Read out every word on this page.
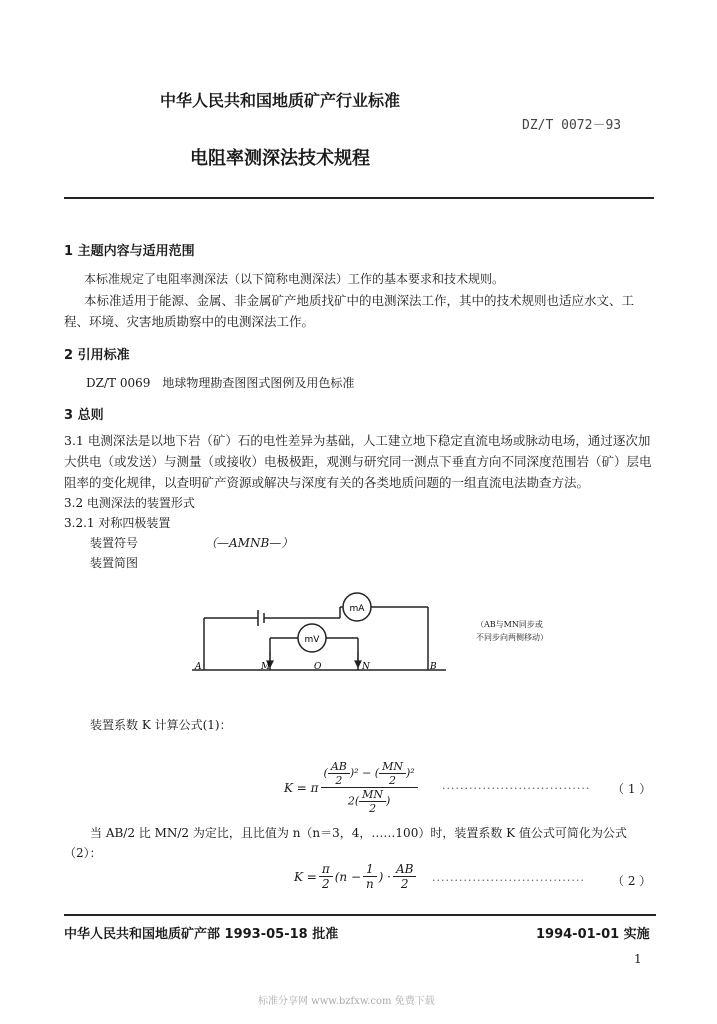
中华人民共和国地质矿产行业标准
DZ/T 0072－93
电阻率测深法技术规程
1 主题内容与适用范围
本标准规定了电阻率测深法（以下简称电测深法）工作的基本要求和技术规则。
本标准适用于能源、金属、非金属矿产地质找矿中的电测深法工作，其中的技术规则也适应水文、工程、环境、灾害地质勘察中的电测深法工作。
2 引用标准
DZ/T 0069　地球物理勘查图图式图例及用色标准
3 总则
3.1 电测深法是以地下岩（矿）石的电性差异为基础，人工建立地下稳定直流电场或脉动电场，通过逐次加大供电（或发送）与测量（或接收）电极极距，观测与研究同一测点下垂直方向不同深度范围岩（矿）层电阻率的变化规律，以查明矿产资源或解决与深度有关的各类地质问题的一组直流电法勘查方法。
3.2 电测深法的装置形式
3.2.1 对称四极装置
装置符号	（—AMNB—）
装置简图
mA
mV
A	M	O	N	B
（AB与MN同步或
不同步向两侧移动）
装置系数 K 计算公式(1)：
K = π $\frac{( \frac{AB}{2} )^2 - ( \frac{MN}{2} )^2}{2( \frac{MN}{2} )}$ ································· （ 1 ）
当 AB/2 比 MN/2 为定比，且比值为 n（n＝3，4，……100）时，装置系数 K 值公式可简化为公式
（2）：
$K = \frac{\pi}{2} (n - \frac{1}{n}$ ) · $\frac{AB}{2}$ ·································· （ 2 ）
中华人民共和国地质矿产部 1993-05-18 批准	1994-01-01 实施
1
标准分享网 www.bzfxw.com 免费下载
